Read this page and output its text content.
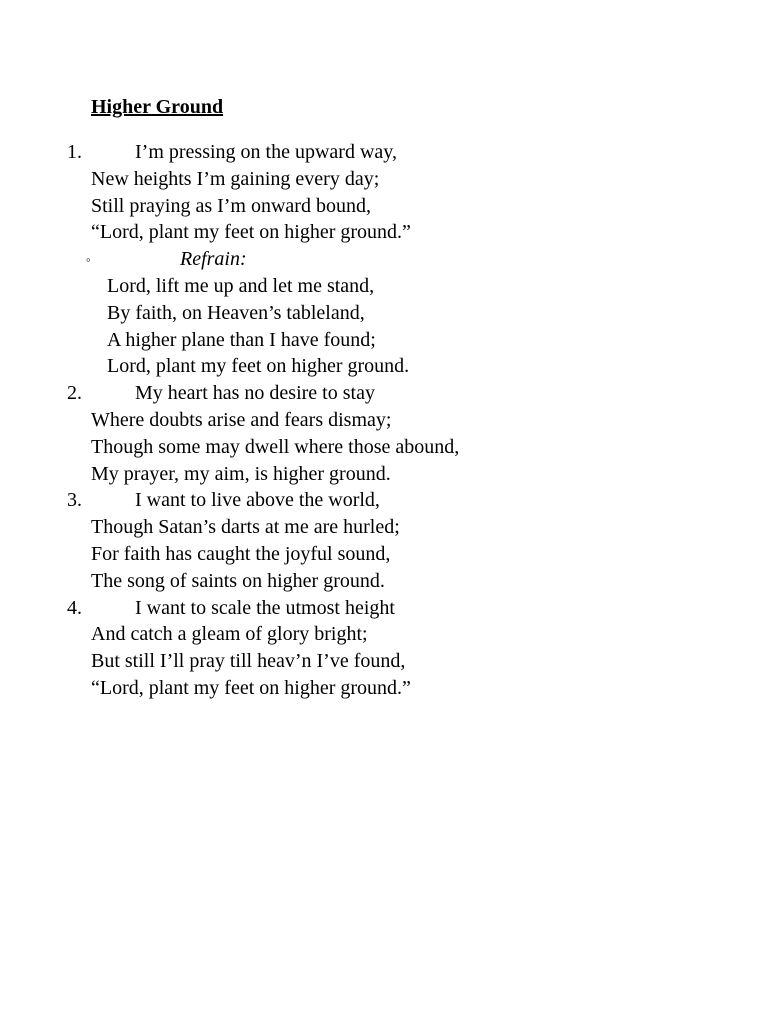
Higher Ground
1.	I’m pressing on the upward way,
New heights I’m gaining every day;
Still praying as I’m onward bound,
“Lord, plant my feet on higher ground.”
◦	Refrain:
Lord, lift me up and let me stand,
By faith, on Heaven’s tableland,
A higher plane than I have found;
Lord, plant my feet on higher ground.
2.	My heart has no desire to stay
Where doubts arise and fears dismay;
Though some may dwell where those abound,
My prayer, my aim, is higher ground.
3.	I want to live above the world,
Though Satan’s darts at me are hurled;
For faith has caught the joyful sound,
The song of saints on higher ground.
4.	I want to scale the utmost height
And catch a gleam of glory bright;
But still I’ll pray till heav’n I’ve found,
“Lord, plant my feet on higher ground.”
